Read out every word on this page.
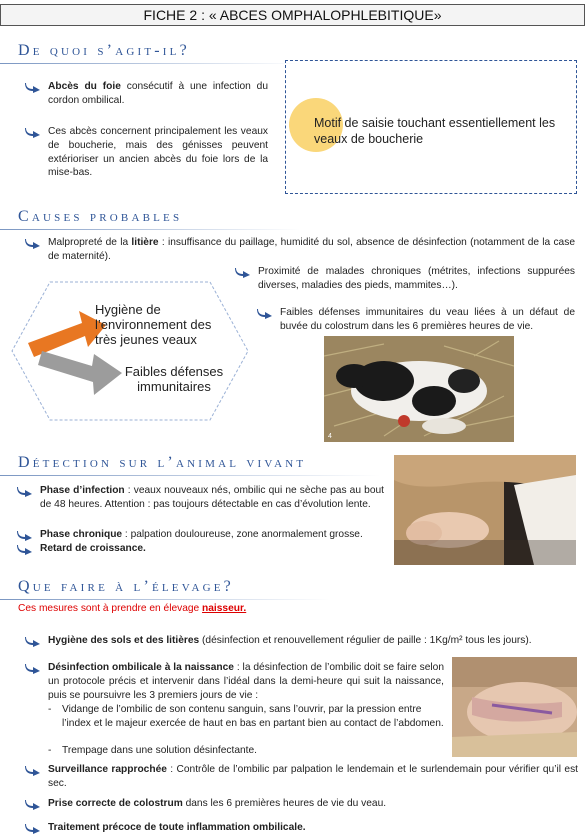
FICHE 2 : « ABCES OMPHALOPHLEBITIQUE»
De quoi s’agit-il?
Abcès du foie consécutif à une infection du cordon ombilical.
Ces abcès concernent principalement les veaux de boucherie, mais des génisses peuvent extérioriser un ancien abcès du foie lors de la mise-bas.
Motif de saisie touchant essentiellement les veaux de boucherie
Causes probables
Malpropreté de la litière : insuffisance du paillage, humidité du sol, absence de désinfection (notamment de la case de maternité).
Proximité de malades chroniques (métrites, infections suppurées diverses, maladies des pieds, mammites…).
Faibles défenses immunitaires du veau liées à un défaut de buvée du colostrum dans les 6 premières heures de vie.
Hygiène de l’environnement des très jeunes veaux
Faibles défenses immunitaires
4
Détection sur l’animal vivant
Phase d’infection : veaux nouveaux nés, ombilic qui ne sèche pas au bout de 48 heures. Attention : pas toujours détectable en cas d’évolution lente.
Phase chronique : palpation douloureuse, zone anormalement grosse.
Retard de croissance.
Que faire à l’élevage?
Ces mesures sont à prendre en élevage naisseur.
Hygiène des sols et des litières (désinfection et renouvellement régulier de paille : 1Kg/m² tous les jours).
Désinfection ombilicale à la naissance : la désinfection de l’ombilic doit se faire selon un protocole précis et intervenir dans l’idéal dans la demi-heure qui suit la naissance, puis se poursuivre les 3 premiers jours de vie :
- Vidange de l’ombilic de son contenu sanguin, sans l’ouvrir, par la pression entre l’index et le majeur exercée de haut en bas en partant bien au contact de l’abdomen.
- Trempage dans une solution désinfectante.
Surveillance rapprochée : Contrôle de l’ombilic par palpation le lendemain et le surlendemain pour vérifier qu’il est sec.
Prise correcte de colostrum dans les 6 premières heures de vie du veau.
Traitement précoce de toute inflammation ombilicale.
